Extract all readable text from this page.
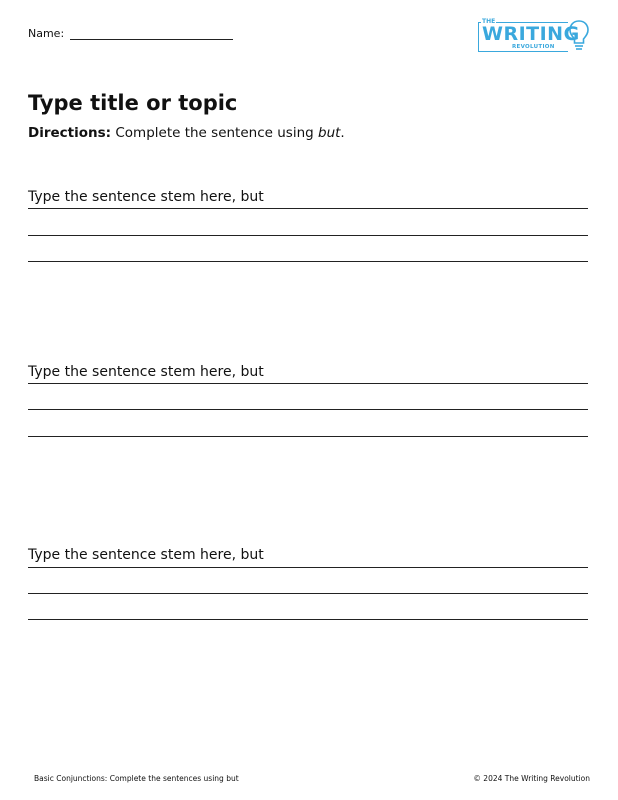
Name:
THE
WRITING
REVOLUTION
Type title or topic
Directions: Complete the sentence using but.
Type the sentence stem here, but
Type the sentence stem here, but
Type the sentence stem here, but
Basic Conjunctions: Complete the sentences using but	© 2024 The Writing Revolution
